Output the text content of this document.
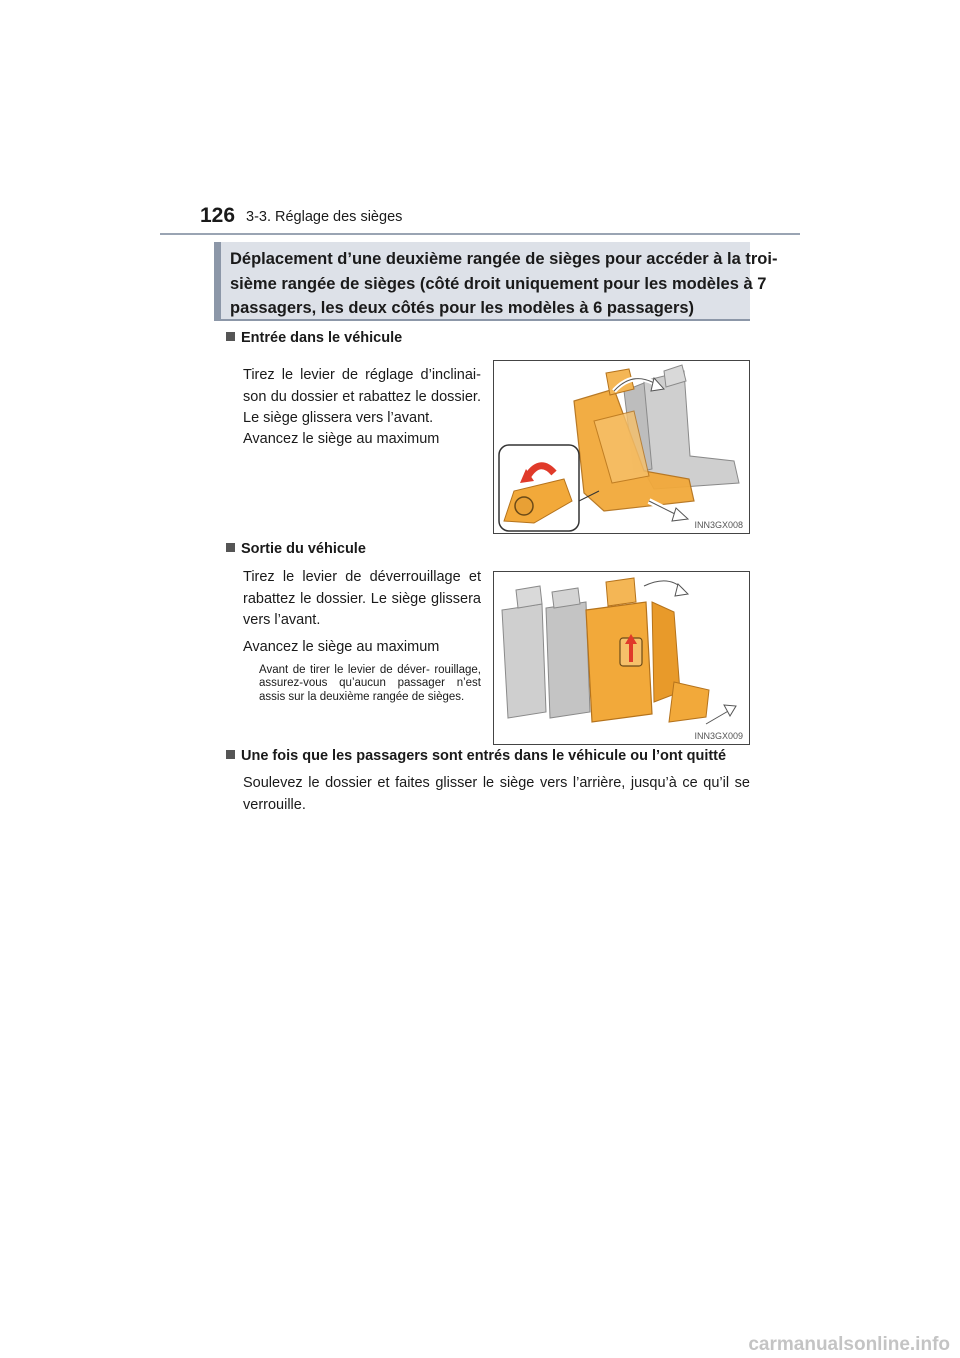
126 3-3. Réglage des sièges
Déplacement d’une deuxième rangée de sièges pour accéder à la troi-
sième rangée de sièges (côté droit uniquement pour les modèles à 7
passagers, les deux côtés pour les modèles à 6 passagers)
Entrée dans le véhicule
Tirez le levier de réglage d’inclinai- son du dossier et rabattez le dossier. Le siège glissera vers l’avant.
Avancez le siège au maximum
INN3GX008
Sortie du véhicule
Tirez le levier de déverrouillage et rabattez le dossier. Le siège glissera vers l’avant.
Avancez le siège au maximum
Avant de tirer le levier de déver- rouillage, assurez-vous qu’aucun passager n’est assis sur la deuxième rangée de sièges.
INN3GX009
Une fois que les passagers sont entrés dans le véhicule ou l’ont quitté
Soulevez le dossier et faites glisser le siège vers l’arrière, jusqu’à ce qu’il se verrouille.
carmanualsonline.info
